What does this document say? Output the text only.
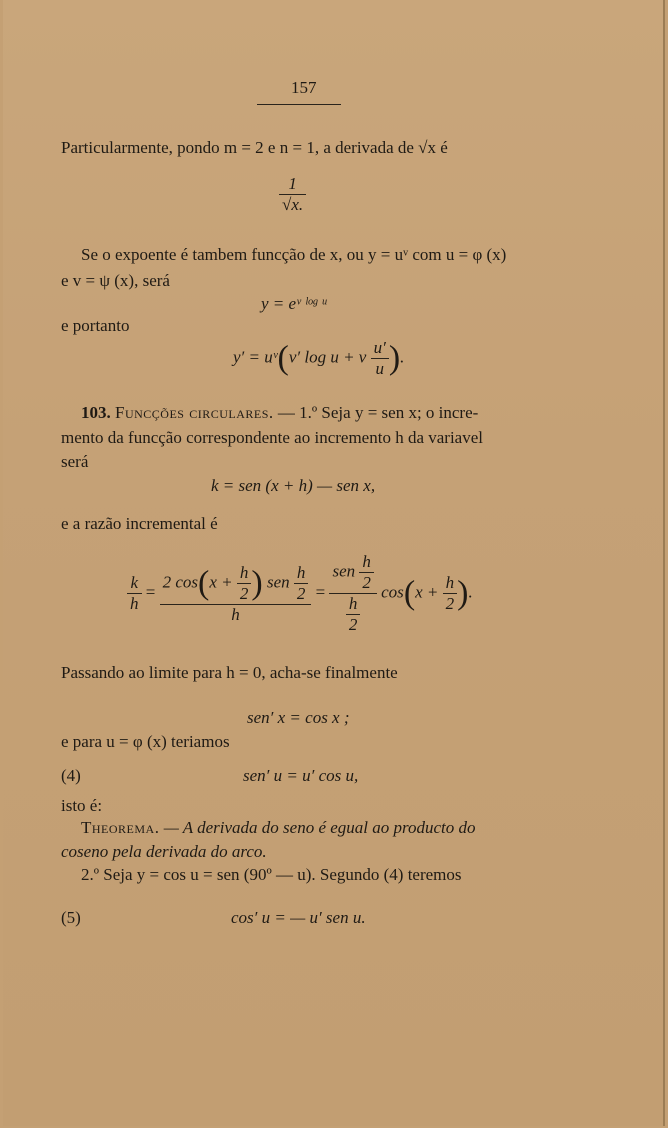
157
Particularmente, pondo m = 2 e n = 1, a derivada de √x é
$\frac{1}{√x.}$
Se o expoente é tambem funcção de x, ou y = uᵛ com u = φ (x)
e v = ψ (x), será
y = eᵛ ˡᵒᵍ ᵘ
e portanto
y′ = uᵛ(v′ log u + v $\frac{u'}{u}$ ).
103. Funcções circulares. — 1.º Seja y = sen x; o incre-
mento da funcção correspondente ao incremento h da variavel
será
k = sen (x + h) — sen x,
e a razão incremental é
$\frac{k}{h} = \frac{2 \cos(x + \frac{h}{2} ) sen \frac{h}{2}}{h} = \frac{sen \frac{h}{2}}{\frac{h}{2}} \cos(x + \frac{h}{2}$ ).
Passando ao limite para h = 0, acha-se finalmente
sen′ x = cos x ;
e para u = φ (x) teriamos
(4)	sen′ u = u′ cos u,
isto é:
Theorema. — A derivada do seno é egual ao producto do
coseno pela derivada do arco.
2.º Seja y = cos u = sen (90º — u). Segundo (4) teremos
(5)	cos′ u = — u′ sen u.
